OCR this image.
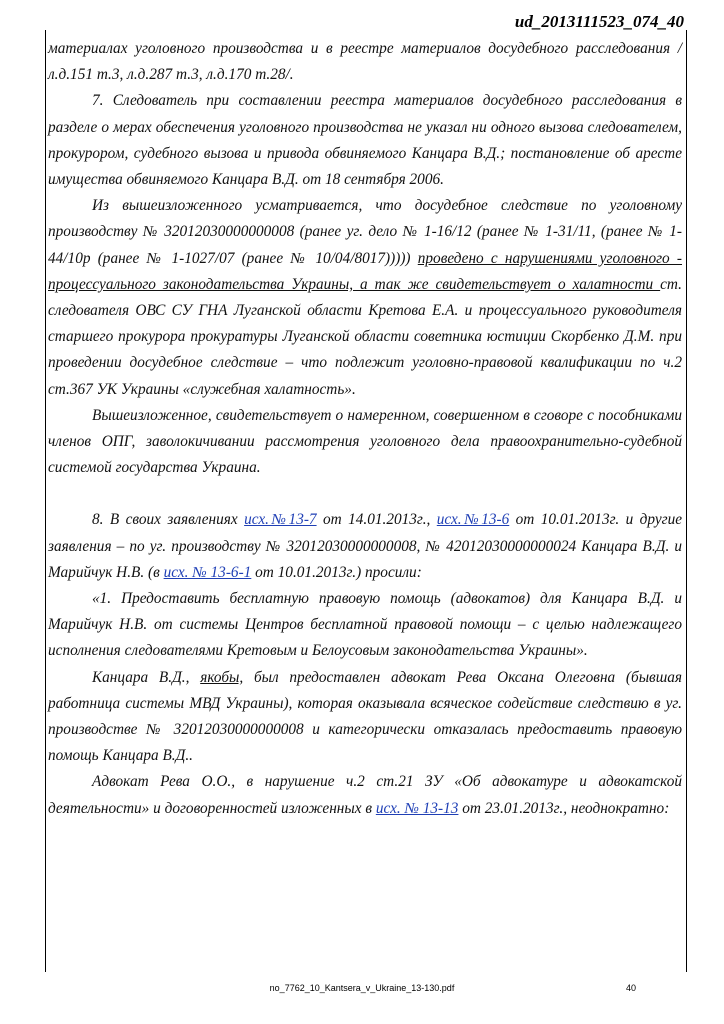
ud_2013111523_074_40

материалах уголовного производства и в реестре материалов досудебного расследования /л.д.151 т.3, л.д.287 т.3, л.д.170 т.28/.

7. Следователь при составлении реестра материалов досудебного расследования в разделе о мерах обеспечения уголовного производства не указал ни одного вызова следователем, прокурором, судебного вызова и привода обвиняемого Канцара В.Д.; постановление об аресте имущества обвиняемого Канцара В.Д. от 18 сентября 2006.

Из вышеизложенного усматривается, что досудебное следствие по уголовному производству № 32012030000000008 (ранее уг. дело № 1-16/12 (ранее № 1-31/11, (ранее № 1-44/10р (ранее № 1-1027/07 (ранее № 10/04/8017))))) проведено с нарушениями уголовного - процессуального законодательства Украины, а так же свидетельствует о халатности ст. следователя ОВС СУ ГНА Луганской области Кретова Е.А. и процессуального руководителя старшего прокурора прокуратуры Луганской области советника юстиции Скорбенко Д.М. при проведении досудебное следствие – что подлежит уголовно-правовой квалификации по ч.2 ст.367 УК Украины «служебная халатность».

Вышеизложенное, свидетельствует о намеренном, совершенном в сговоре с пособниками членов ОПГ, заволокичивании рассмотрения уголовного дела правоохранительно-судебной системой государства Украина.

8. В своих заявлениях исх.№13-7 от 14.01.2013г., исх.№13-6 от 10.01.2013г. и другие заявления – по уг. производству № 32012030000000008, № 42012030000000024 Канцара В.Д. и Марийчук Н.В. (в исх. № 13-6-1 от 10.01.2013г.) просили:

«1. Предоставить бесплатную правовую помощь (адвокатов) для Канцара В.Д. и Марийчук Н.В. от системы Центров бесплатной правовой помощи – с целью надлежащего исполнения следователями Кретовым и Белоусовым законодательства Украины».

Канцара В.Д., якобы, был предоставлен адвокат Рева Оксана Олеговна (бывшая работница системы МВД Украины), которая оказывала всяческое содействие следствию в уг. производстве № 32012030000000008 и категорически отказалась предоставить правовую помощь Канцара В.Д..

Адвокат Рева О.О., в нарушение ч.2 ст.21 ЗУ «Об адвокатуре и адвокатской деятельности» и договоренностей изложенных в исх. № 13-13 от 23.01.2013г., неоднократно:

no_7762_10_Kantsera_v_Ukraine_13-130.pdf	40
